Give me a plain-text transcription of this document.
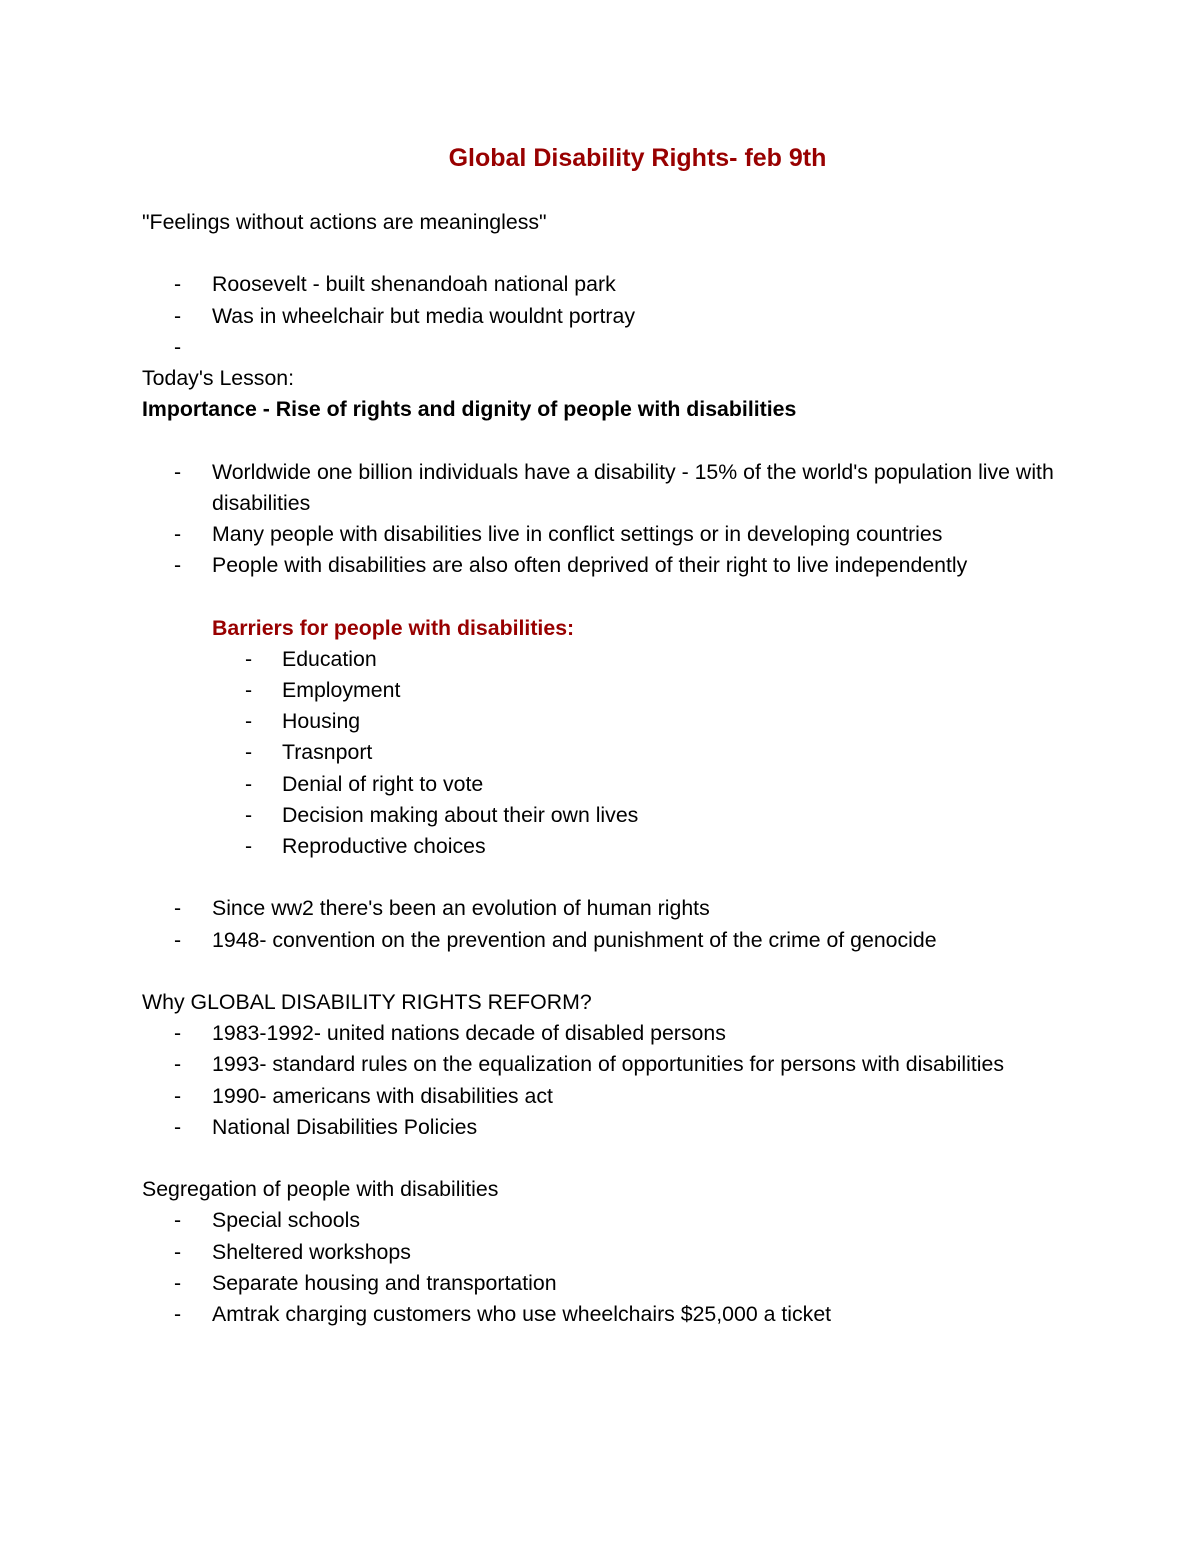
Global Disability Rights- feb 9th

"Feelings without actions are meaningless"

- Roosevelt - built shenandoah national park
- Was in wheelchair but media wouldnt portray
-

Today's Lesson:

Importance - Rise of rights and dignity of people with disabilities

- Worldwide one billion individuals have a disability - 15% of the world's population live with disabilities
- Many people with disabilities live in conflict settings or in developing countries
- People with disabilities are also often deprived of their right to live independently

Barriers for people with disabilities:

- Education
- Employment
- Housing
- Trasnport
- Denial of right to vote
- Decision making about their own lives
- Reproductive choices
- Since ww2 there's been an evolution of human rights
- 1948- convention on the prevention and punishment of the crime of genocide

Why GLOBAL DISABILITY RIGHTS REFORM?

- 1983-1992- united nations decade of disabled persons
- 1993- standard rules on the equalization of opportunities for persons with disabilities
- 1990- americans with disabilities act
- National Disabilities Policies

Segregation of people with disabilities

- Special schools
- Sheltered workshops
- Separate housing and transportation
- Amtrak charging customers who use wheelchairs $25,000 a ticket
